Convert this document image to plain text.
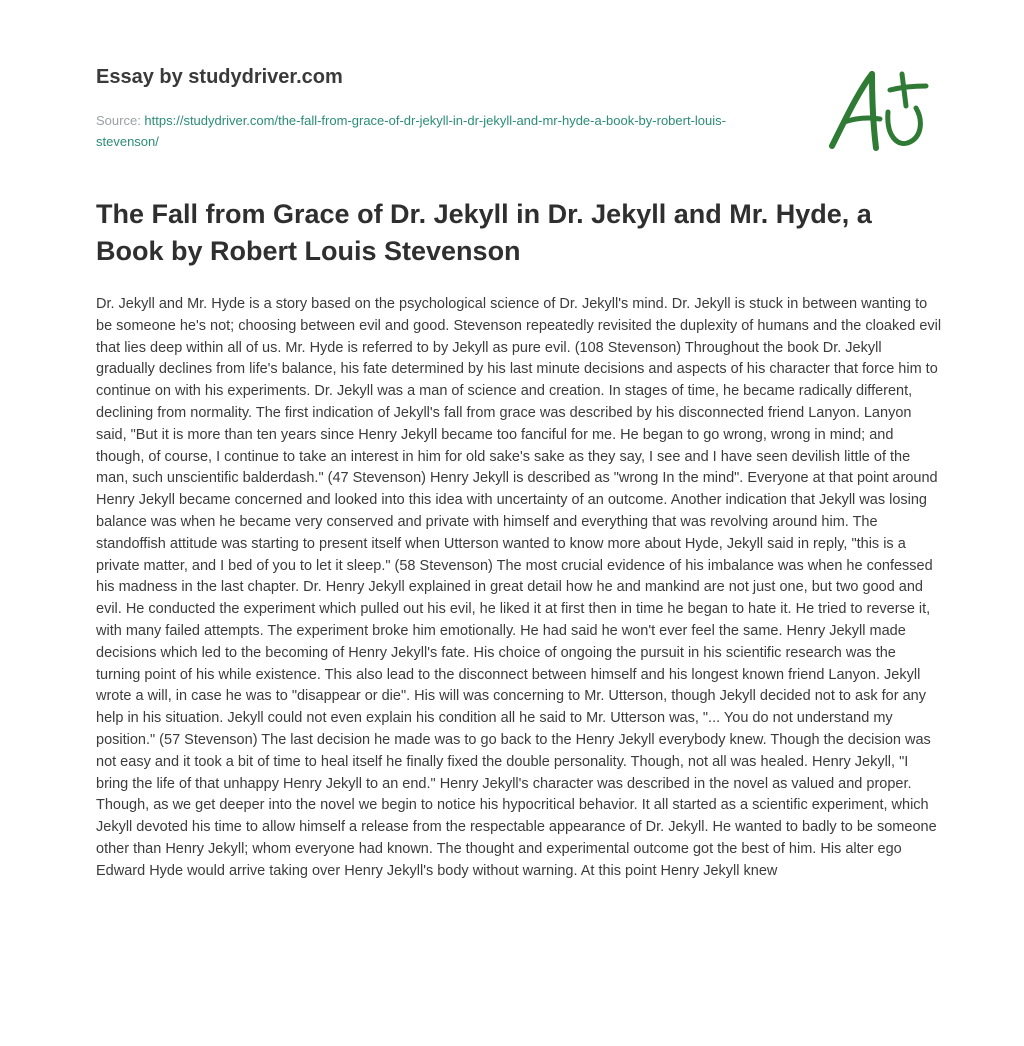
Essay by studydriver.com
Source: https://studydriver.com/the-fall-from-grace-of-dr-jekyll-in-dr-jekyll-and-mr-hyde-a-book-by-robert-louis-stevenson/
The Fall from Grace of Dr. Jekyll in Dr. Jekyll and Mr. Hyde, a Book by Robert Louis Stevenson

Dr. Jekyll and Mr. Hyde is a story based on the psychological science of Dr. Jekyll's mind. Dr. Jekyll is stuck in between wanting to be someone he's not; choosing between evil and good. Stevenson repeatedly revisited the duplexity of humans and the cloaked evil that lies deep within all of us. Mr. Hyde is referred to by Jekyll as pure evil. (108 Stevenson) Throughout the book Dr. Jekyll gradually declines from life's balance, his fate determined by his last minute decisions and aspects of his character that force him to continue on with his experiments. Dr. Jekyll was a man of science and creation. In stages of time, he became radically different, declining from normality. The first indication of Jekyll's fall from grace was described by his disconnected friend Lanyon. Lanyon said, "But it is more than ten years since Henry Jekyll became too fanciful for me. He began to go wrong, wrong in mind; and though, of course, I continue to take an interest in him for old sake's sake as they say, I see and I have seen devilish little of the man, such unscientific balderdash." (47 Stevenson) Henry Jekyll is described as "wrong In the mind". Everyone at that point around Henry Jekyll became concerned and looked into this idea with uncertainty of an outcome. Another indication that Jekyll was losing balance was when he became very conserved and private with himself and everything that was revolving around him. The standoffish attitude was starting to present itself when Utterson wanted to know more about Hyde, Jekyll said in reply, "this is a private matter, and I bed of you to let it sleep." (58 Stevenson) The most crucial evidence of his imbalance was when he confessed his madness in the last chapter. Dr. Henry Jekyll explained in great detail how he and mankind are not just one, but two good and evil. He conducted the experiment which pulled out his evil, he liked it at first then in time he began to hate it. He tried to reverse it, with many failed attempts. The experiment broke him emotionally. He had said he won't ever feel the same. Henry Jekyll made decisions which led to the becoming of Henry Jekyll's fate. His choice of ongoing the pursuit in his scientific research was the turning point of his while existence. This also lead to the disconnect between himself and his longest known friend Lanyon. Jekyll wrote a will, in case he was to "disappear or die". His will was concerning to Mr. Utterson, though Jekyll decided not to ask for any help in his situation. Jekyll could not even explain his condition all he said to Mr. Utterson was, "... You do not understand my position." (57 Stevenson) The last decision he made was to go back to the Henry Jekyll everybody knew. Though the decision was not easy and it took a bit of time to heal itself he finally fixed the double personality. Though, not all was healed. Henry Jekyll, "I bring the life of that unhappy Henry Jekyll to an end." Henry Jekyll's character was described in the novel as valued and proper. Though, as we get deeper into the novel we begin to notice his hypocritical behavior. It all started as a scientific experiment, which Jekyll devoted his time to allow himself a release from the respectable appearance of Dr. Jekyll. He wanted to badly to be someone other than Henry Jekyll; whom everyone had known. The thought and experimental outcome got the best of him. His alter ego Edward Hyde would arrive taking over Henry Jekyll's body without warning. At this point Henry Jekyll knew
